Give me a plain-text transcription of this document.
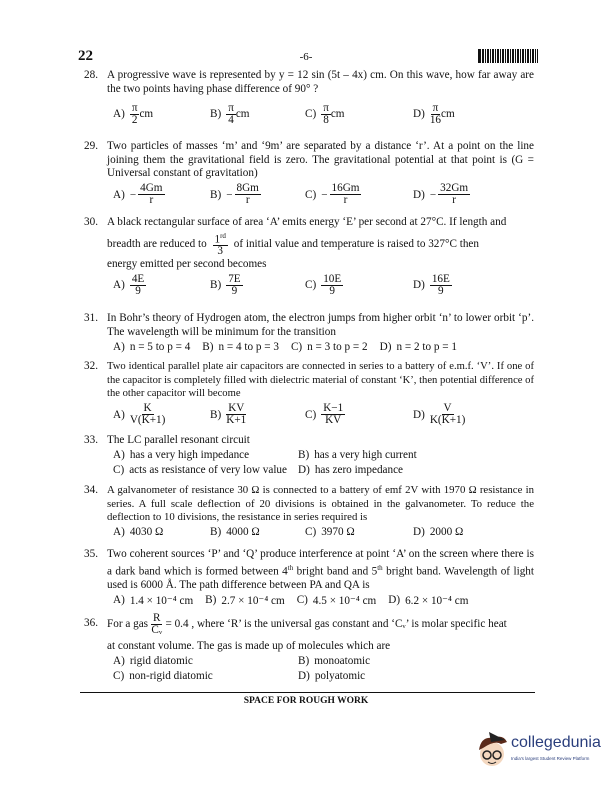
22	-6-
28. A progressive wave is represented by y = 12 sin (5t – 4x) cm. On this wave, how far away are the two points having phase difference of 90° ?
$A) \frac{\pi}{2}$ cm	$B) \frac{\pi}{4}$ cm	$C) \frac{\pi}{8}$ cm	$D) \frac{\pi}{16}$ cm
29. Two particles of masses ‘m’ and ‘9m’ are separated by a distance ‘r’. At a point on the line joining them the gravitational field is zero. The gravitational potential at that point is (G = Universal constant of gravitation)
$A) - \frac{4Gm}{r}$	$B) - \frac{8Gm}{r}$	$C) - \frac{16Gm}{r}$	$D) - \frac{32Gm}{r}$
30. A black rectangular surface of area ‘A’ emits energy ‘E’ per second at 27°C. If length and
breadth are reduced to $\frac{1^{rd}}{3}$ of initial value and temperature is raised to 327°C then
energy emitted per second becomes
$A) \frac{4E}{9}$	$B) \frac{7E}{9}$	$C) \frac{10E}{9}$	$D) \frac{16E}{9}$
31. In Bohr’s theory of Hydrogen atom, the electron jumps from higher orbit ‘n’ to lower orbit ‘p’. The wavelength will be minimum for the transition
A) n = 5 to p = 4 B) n = 4 to p = 3 C) n = 3 to p = 2 D) n = 2 to p = 1
32. Two identical parallel plate air capacitors are connected in series to a battery of e.m.f. ‘V’. If one of the capacitor is completely filled with dielectric material of constant ‘K’, then potential difference of the other capacitor will become
$A) \frac{K}{V(K+1)}$	$B) \frac{KV}{K+1}$	$C) \frac{K-1}{KV}$	$D) \frac{V}{K(K+1)}$
33. The LC parallel resonant circuit
A) has a very high impedance	B) has a very high current
C) acts as resistance of very low value D) has zero impedance
34. A galvanometer of resistance 30 Ω is connected to a battery of emf 2V with 1970 Ω resistance in series. A full scale deflection of 20 divisions is obtained in the galvanometer. To reduce the deflection to 10 divisions, the resistance in series required is
A) 4030 Ω	B) 4000 Ω	C) 3970 Ω	D) 2000 Ω
35. Two coherent sources ‘P’ and ‘Q’ produce interference at point ‘A’ on the screen where there is a dark band which is formed between 4th bright band and 5th bright band. Wavelength of light used is 6000 Å. The path difference between PA and QA is
A) 1.4 × 10⁻⁴ cm B) 2.7 × 10⁻⁴ cm C) 4.5 × 10⁻⁴ cm D) 6.2 × 10⁻⁴ cm
36. For a gas $\frac{R}{\text{Cᵥ}} = 0.4$ , where ‘R’ is the universal gas constant and ‘Cᵥ’ is molar specific heat
at constant volume. The gas is made up of molecules which are
A) rigid diatomic	B) monoatomic
C) non-rigid diatomic	D) polyatomic
SPACE FOR ROUGH WORK
collegedunia
India's largest Student Review Platform
